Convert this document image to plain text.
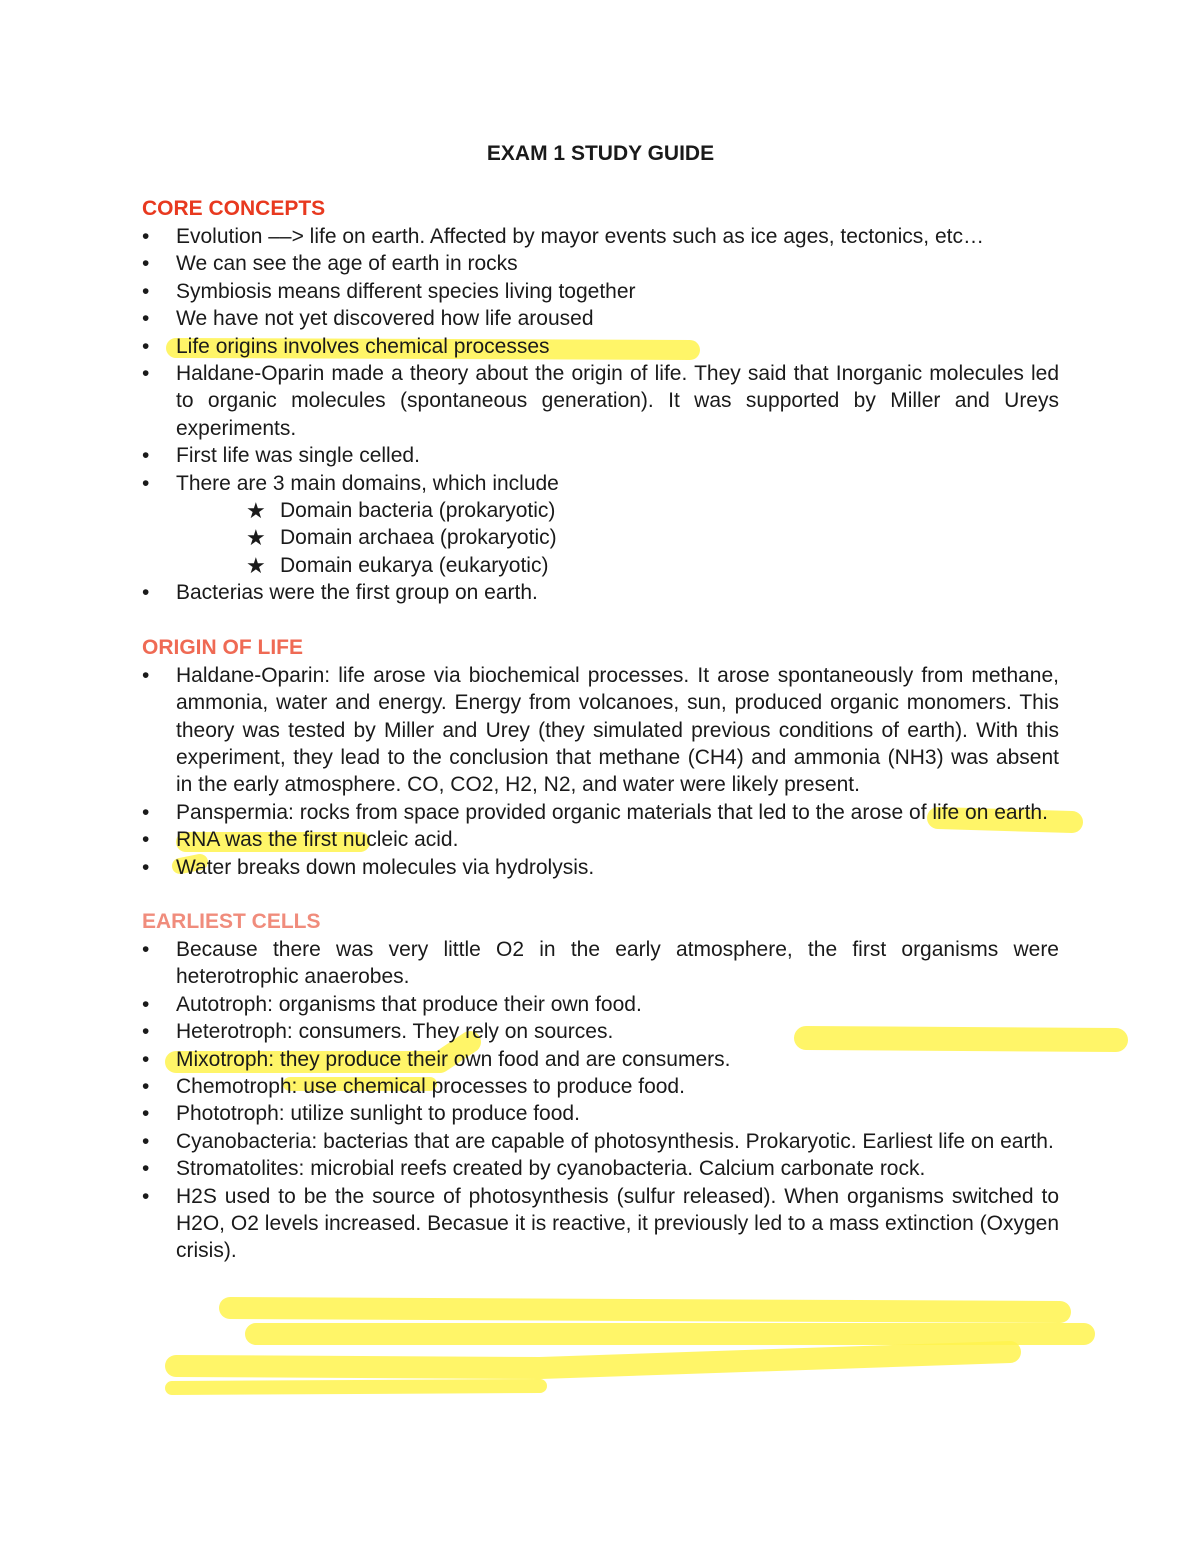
EXAM 1 STUDY GUIDE
CORE CONCEPTS
•	Evolution ––> life on earth. Affected by mayor events such as ice ages, tectonics, etc…
•	We can see the age of earth in rocks
•	Symbiosis means different species living together
•	We have not yet discovered how life aroused
•	Life origins involves chemical processes
•	Haldane-Oparin made a theory about the origin of life. They said that Inorganic molecules led to organic molecules (spontaneous generation). It was supported by Miller and Ureys experiments.
•	First life was single celled.
•	There are 3 main domains, which include
★ Domain bacteria (prokaryotic)
★ Domain archaea (prokaryotic)
★ Domain eukarya (eukaryotic)
•	Bacterias were the first group on earth.
ORIGIN OF LIFE
•	Haldane-Oparin: life arose via biochemical processes. It arose spontaneously from methane, ammonia, water and energy. Energy from volcanoes, sun, produced organic monomers. This theory was tested by Miller and Urey (they simulated previous conditions of earth). With this experiment, they lead to the conclusion that methane (CH4) and ammonia (NH3) was absent in the early atmosphere. CO, CO2, H2, N2, and water were likely present.
•	Panspermia: rocks from space provided organic materials that led to the arose of life on earth.
•	RNA was the first nucleic acid.
•	Water breaks down molecules via hydrolysis.
EARLIEST CELLS
•	Because there was very little O2 in the early atmosphere, the first organisms were heterotrophic anaerobes.
•	Autotroph: organisms that produce their own food.
•	Heterotroph: consumers. They rely on sources.
•	Mixotroph: they produce their own food and are consumers.
•	Chemotroph: use chemical processes to produce food.
•	Phototroph: utilize sunlight to produce food.
•	Cyanobacteria: bacterias that are capable of photosynthesis. Prokaryotic. Earliest life on earth.
•	Stromatolites: microbial reefs created by cyanobacteria. Calcium carbonate rock.
•	H2S used to be the source of photosynthesis (sulfur released). When organisms switched to H2O, O2 levels increased. Becasue it is reactive, it previously led to a mass extinction (Oxygen crisis).
